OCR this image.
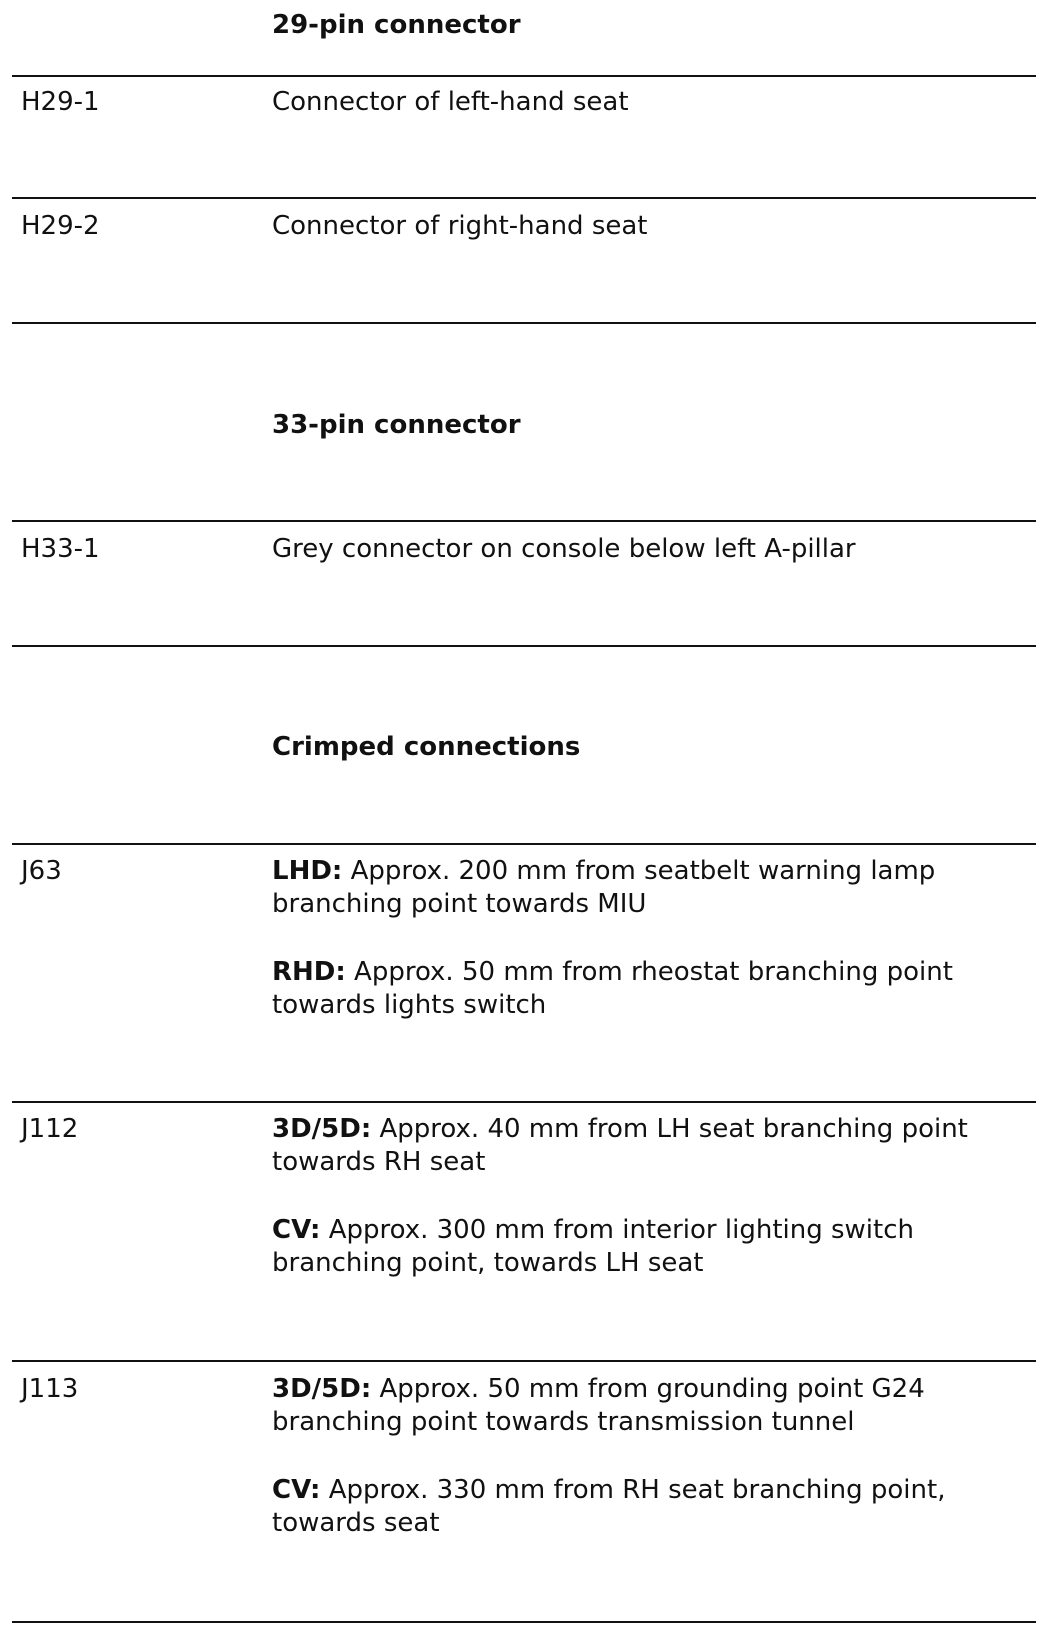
29-pin connector
H29-1	Connector of left-hand seat
H29-2	Connector of right-hand seat
33-pin connector
H33-1	Grey connector on console below left A-pillar
Crimped connections
J63	LHD: Approx. 200 mm from seatbelt warning lamp branching point towards MIU

RHD: Approx. 50 mm from rheostat branching point towards lights switch

J112	3D/5D: Approx. 40 mm from LH seat branching point towards RH seat

CV: Approx. 300 mm from interior lighting switch branching point, towards LH seat

J113	3D/5D: Approx. 50 mm from grounding point G24 branching point towards transmission tunnel

CV: Approx. 330 mm from RH seat branching point, towards seat
